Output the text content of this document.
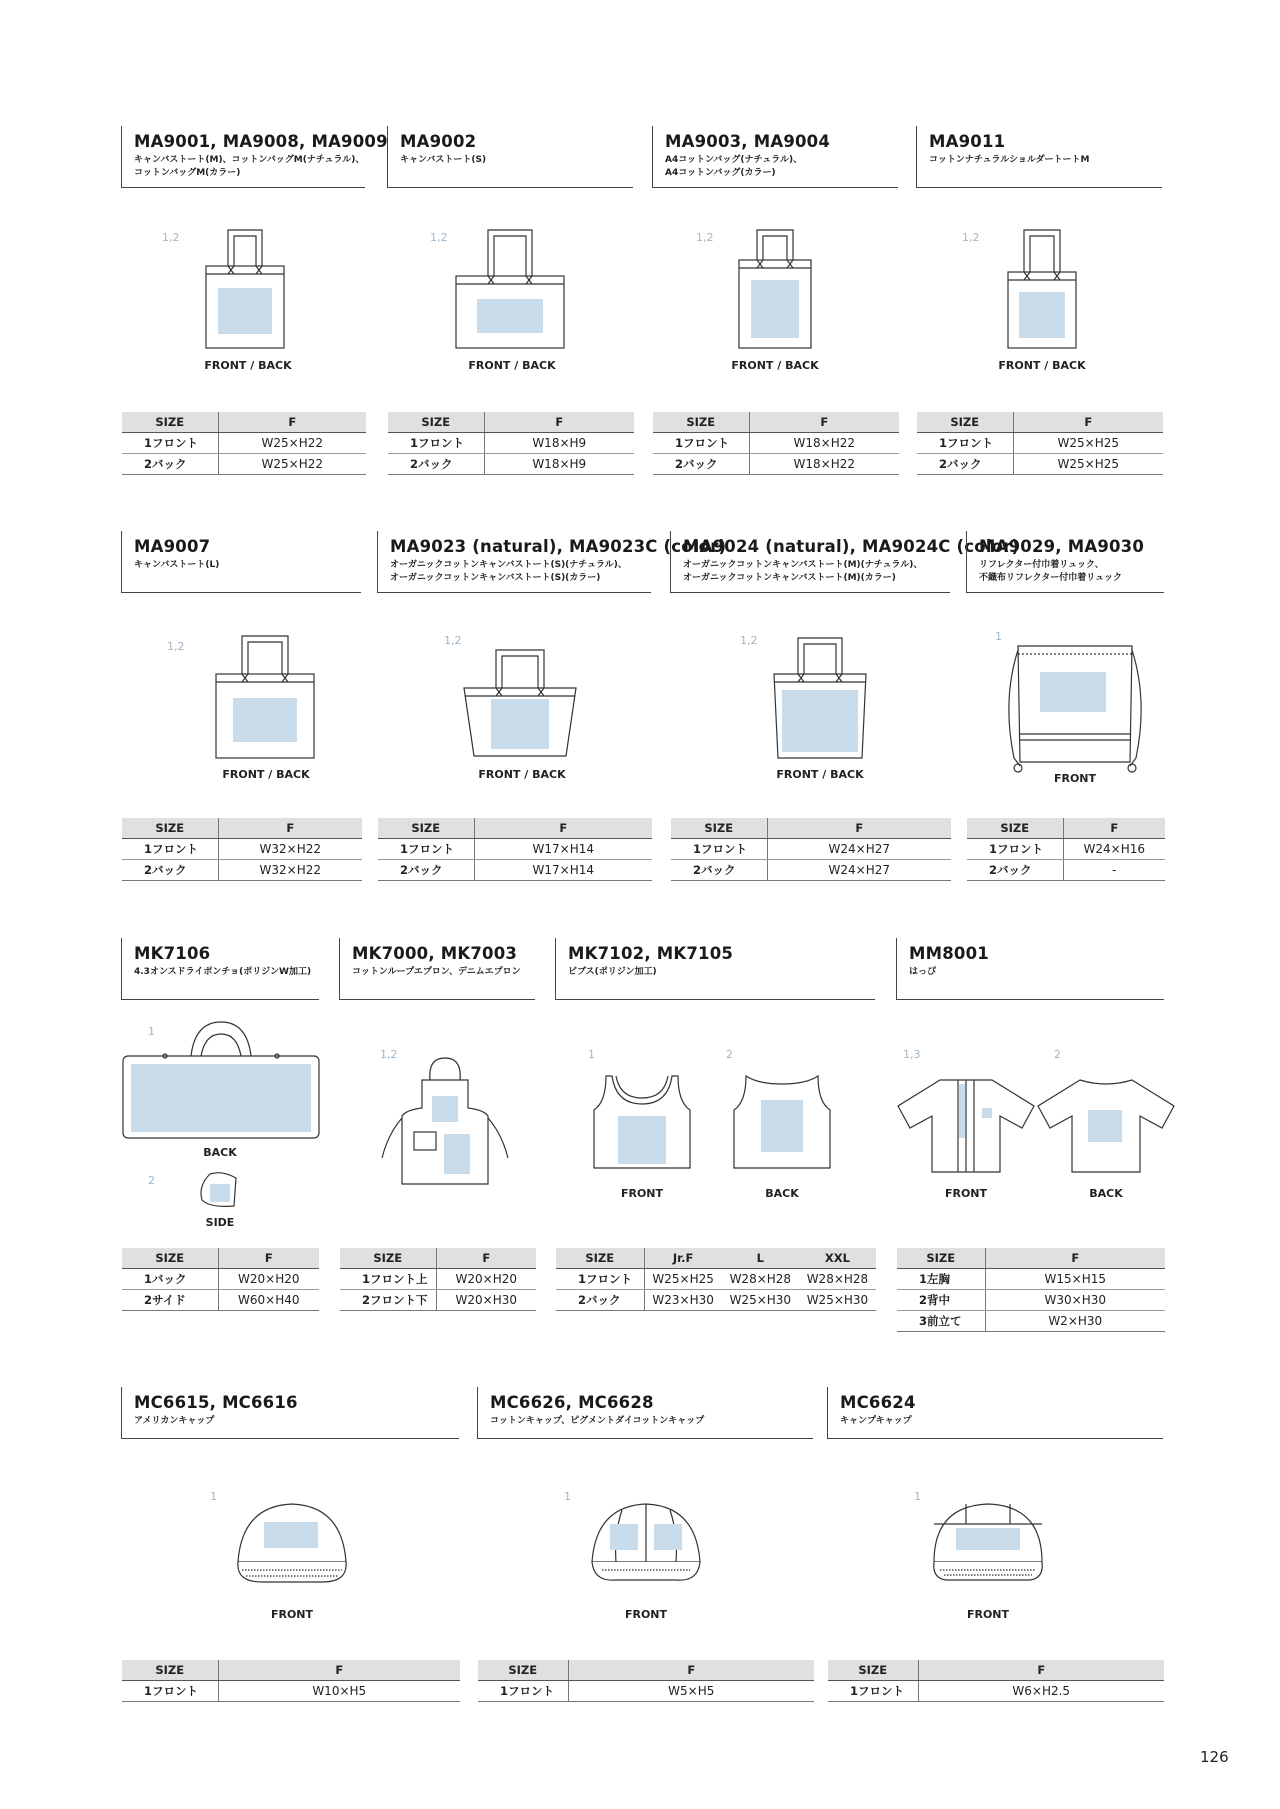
MA9001, MA9008, MA9009
キャンバストート(M)、コットンバッグM(ナチュラル)、
コットンバッグM(カラー)
1,2
FRONT / BACK
SIZE	F
1フロント	W25×H22
2バック	W25×H22
MA9002
キャンバストート(S)
1,2
FRONT / BACK
SIZE	F
1フロント	W18×H9
2バック	W18×H9
MA9003, MA9004
A4コットンバッグ(ナチュラル)、
A4コットンバッグ(カラー)
1,2
FRONT / BACK
SIZE	F
1フロント	W18×H22
2バック	W18×H22
MA9011
コットンナチュラルショルダートートM
1,2
FRONT / BACK
SIZE	F
1フロント	W25×H25
2バック	W25×H25
MA9007
キャンバストート(L)
1,2
FRONT / BACK
SIZE	F
1フロント	W32×H22
2バック	W32×H22
MA9023 (natural), MA9023C (color)
オーガニックコットンキャンバストート(S)(ナチュラル)、
オーガニックコットンキャンバストート(S)(カラー)
1,2
FRONT / BACK
SIZE	F
1フロント	W17×H14
2バック	W17×H14
MA9024 (natural), MA9024C (color)
オーガニックコットンキャンバストート(M)(ナチュラル)、
オーガニックコットンキャンバストート(M)(カラー)
1,2
FRONT / BACK
SIZE	F
1フロント	W24×H27
2バック	W24×H27
MA9029, MA9030
リフレクター付巾着リュック、
不織布リフレクター付巾着リュック
1
FRONT
SIZE	F
1フロント	W24×H16
2バック	-
MK7106
4.3オンスドライポンチョ(ポリジンW加工)
1
BACK
2
SIDE
SIZE	F
1バック	W20×H20
2サイド	W60×H40
MK7000, MK7003
コットンループエプロン、デニムエプロン
1,2
SIZE	F
1フロント上	W20×H20
2フロント下	W20×H30
MK7102, MK7105
ビブス(ポリジン加工)
1
FRONT
2
BACK
SIZE	Jr.F	L	XXL
1フロント	W25×H25	W28×H28	W28×H28
2バック	W23×H30	W25×H30	W25×H30
MM8001
はっぴ
1,3
FRONT
2
BACK
SIZE	F
1左胸	W15×H15
2背中	W30×H30
3前立て	W2×H30
MC6615, MC6616
アメリカンキャップ
1
FRONT
SIZE	F
1フロント	W10×H5
MC6626, MC6628
コットンキャップ、ピグメントダイコットンキャップ
1
FRONT
SIZE	F
1フロント	W5×H5
MC6624
キャンプキャップ
1
FRONT
SIZE	F
1フロント	W6×H2.5
126
